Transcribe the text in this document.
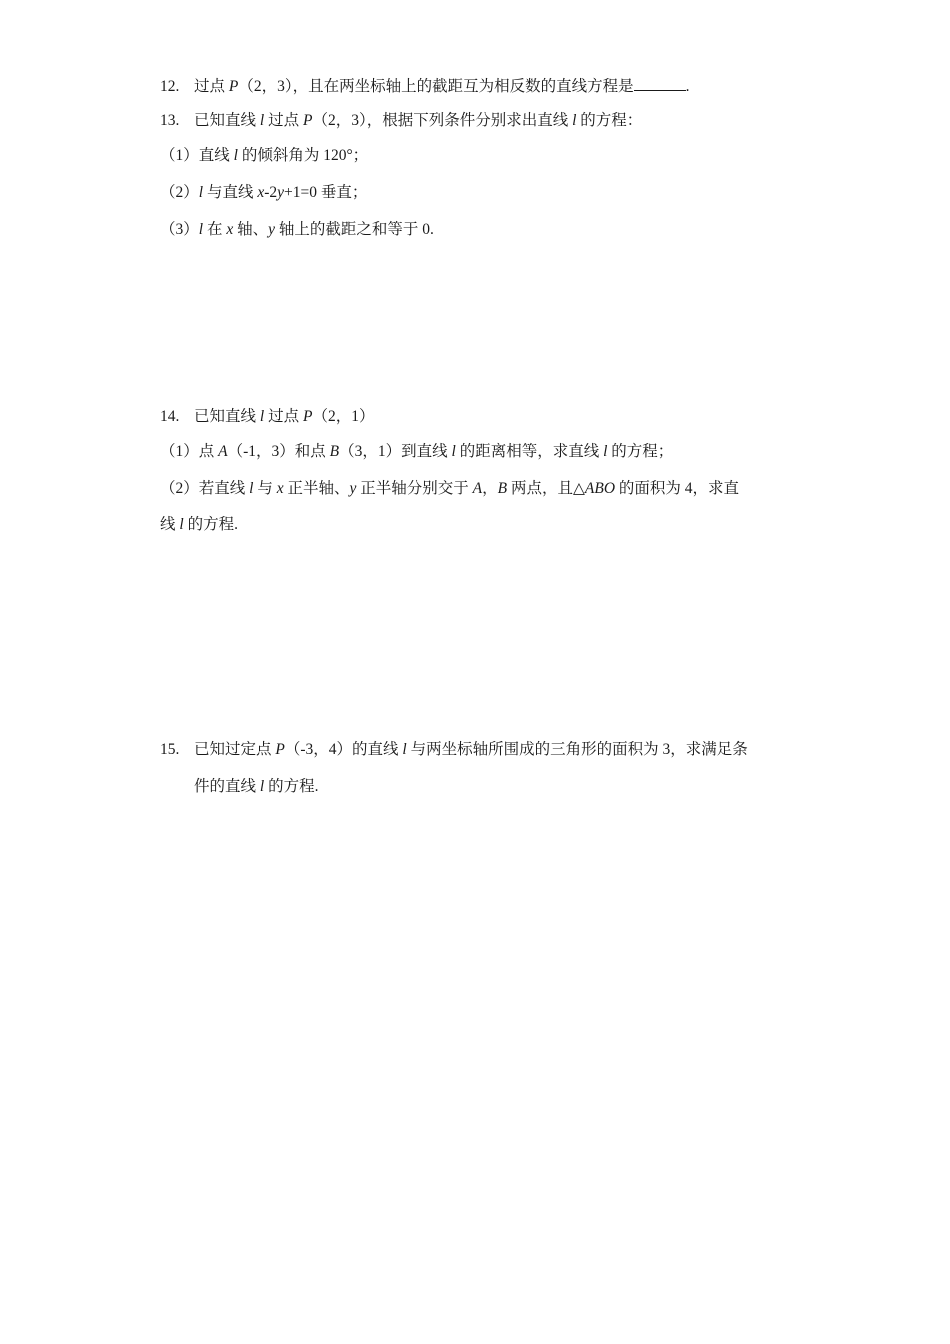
12. 过点 P（2，3），且在两坐标轴上的截距互为相反数的直线方程是	.
13. 已知直线 l 过点 P（2，3），根据下列条件分别求出直线 l 的方程：
（1）直线 l 的倾斜角为 120°；
（2）l 与直线 x-2y+1=0 垂直；
（3）l 在 x 轴、y 轴上的截距之和等于 0.
14. 已知直线 l 过点 P（2，1）
（1）点 A（-1，3）和点 B（3，1）到直线 l 的距离相等，求直线 l 的方程；
（2）若直线 l 与 x 正半轴、y 正半轴分别交于 A，B 两点，且△ABO 的面积为 4，求直
线 l 的方程.
15. 已知过定点 P（-3，4）的直线 l 与两坐标轴所围成的三角形的面积为 3，求满足条
件的直线 l 的方程.
